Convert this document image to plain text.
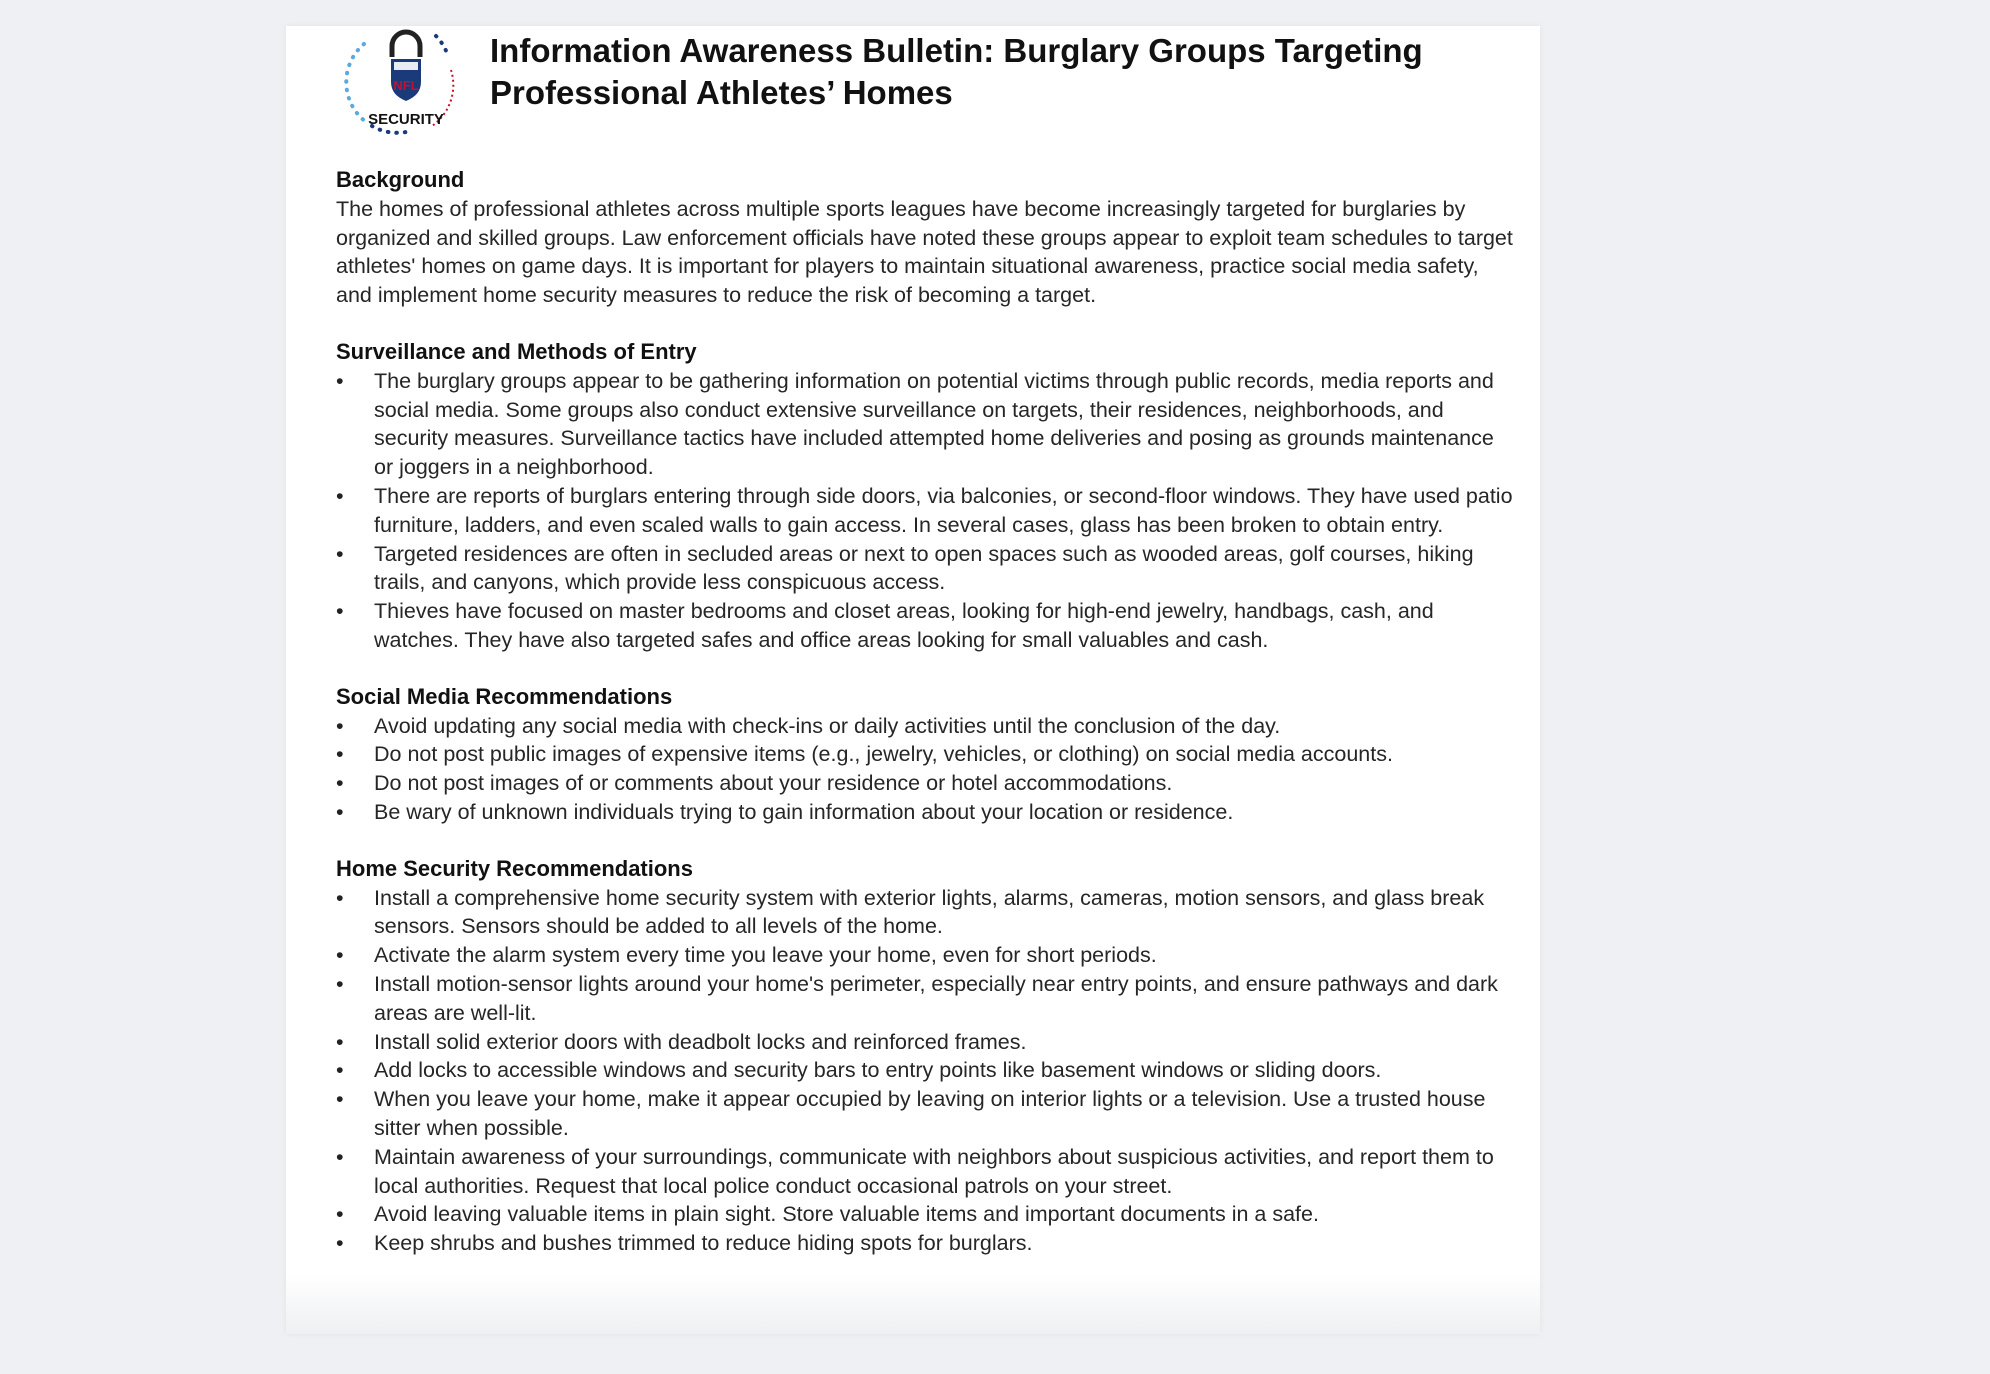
NFL
SECURITY
Information Awareness Bulletin: Burglary Groups Targeting Professional Athletes’ Homes
Background

The homes of professional athletes across multiple sports leagues have become increasingly targeted for burglaries by organized and skilled groups. Law enforcement officials have noted these groups appear to exploit team schedules to target athletes' homes on game days. It is important for players to maintain situational awareness, practice social media safety, and implement home security measures to reduce the risk of becoming a target.

Surveillance and Methods of Entry
• The burglary groups appear to be gathering information on potential victims through public records, media reports and social media. Some groups also conduct extensive surveillance on targets, their residences, neighborhoods, and security measures. Surveillance tactics have included attempted home deliveries and posing as grounds maintenance or joggers in a neighborhood.
• There are reports of burglars entering through side doors, via balconies, or second-floor windows. They have used patio furniture, ladders, and even scaled walls to gain access. In several cases, glass has been broken to obtain entry.
• Targeted residences are often in secluded areas or next to open spaces such as wooded areas, golf courses, hiking trails, and canyons, which provide less conspicuous access.
• Thieves have focused on master bedrooms and closet areas, looking for high-end jewelry, handbags, cash, and watches. They have also targeted safes and office areas looking for small valuables and cash.
Social Media Recommendations
• Avoid updating any social media with check-ins or daily activities until the conclusion of the day.
• Do not post public images of expensive items (e.g., jewelry, vehicles, or clothing) on social media accounts.
• Do not post images of or comments about your residence or hotel accommodations.
• Be wary of unknown individuals trying to gain information about your location or residence.
Home Security Recommendations
• Install a comprehensive home security system with exterior lights, alarms, cameras, motion sensors, and glass break sensors. Sensors should be added to all levels of the home.
• Activate the alarm system every time you leave your home, even for short periods.
• Install motion-sensor lights around your home's perimeter, especially near entry points, and ensure pathways and dark areas are well-lit.
• Install solid exterior doors with deadbolt locks and reinforced frames.
• Add locks to accessible windows and security bars to entry points like basement windows or sliding doors.
• When you leave your home, make it appear occupied by leaving on interior lights or a television. Use a trusted house sitter when possible.
• Maintain awareness of your surroundings, communicate with neighbors about suspicious activities, and report them to local authorities. Request that local police conduct occasional patrols on your street.
• Avoid leaving valuable items in plain sight. Store valuable items and important documents in a safe.
• Keep shrubs and bushes trimmed to reduce hiding spots for burglars.
